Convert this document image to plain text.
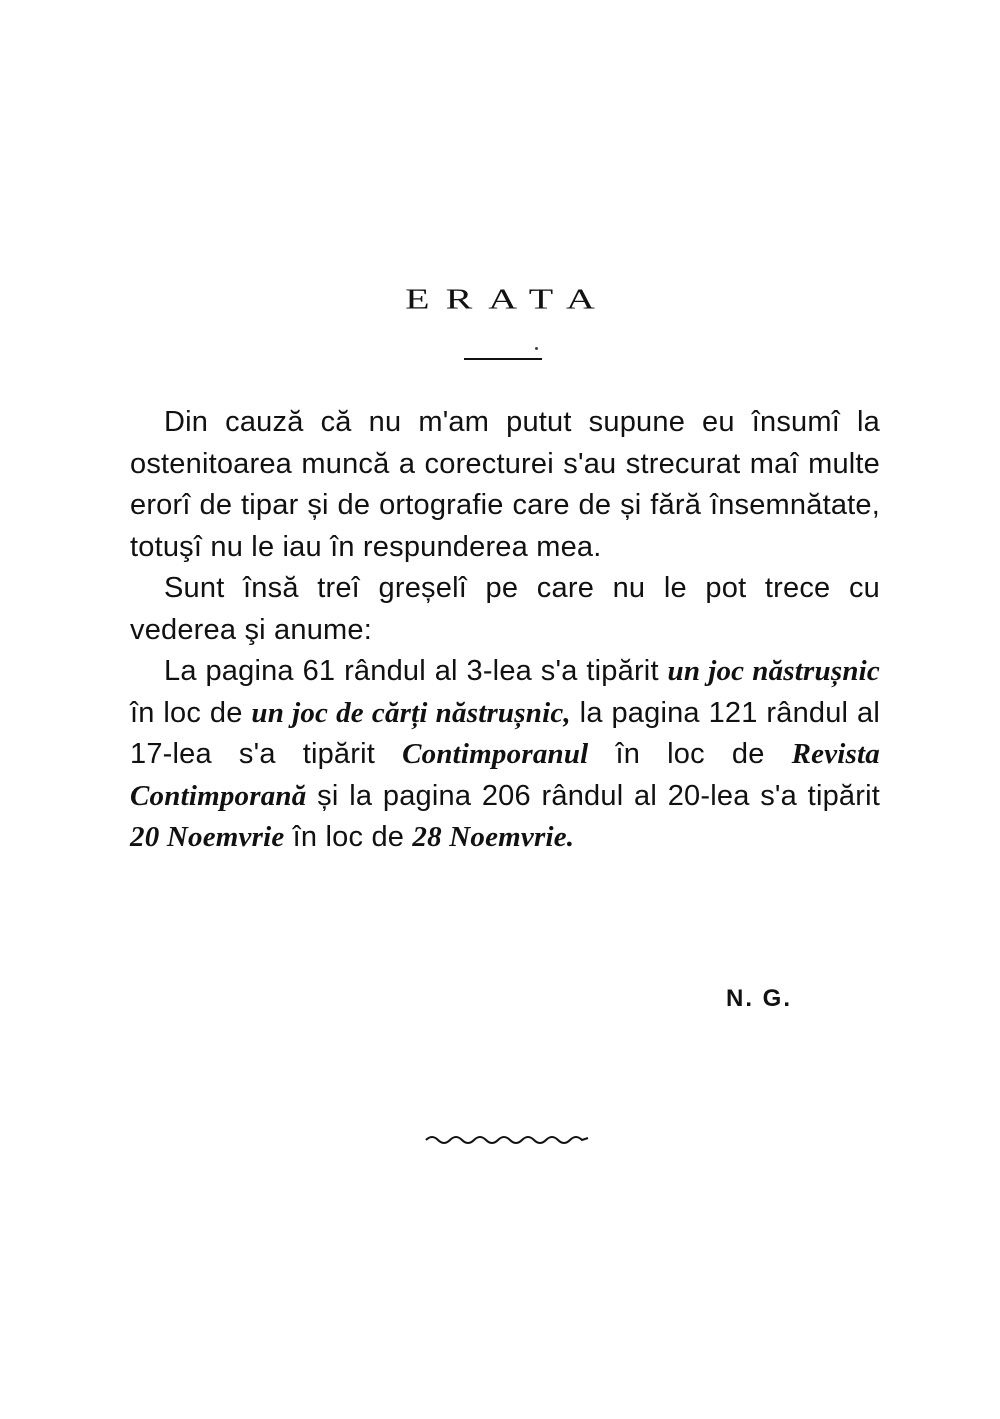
ERATA

Din cauză că nu m'am putut supune eu însumî la ostenitoarea muncă a corecturei s'au strecurat maî multe erorî de tipar și de ortografie care de și fără însemnătate, totuşî nu le iau în respunderea mea.

Sunt însă treî greșelî pe care nu le pot trece cu vederea şi anume:

La pagina 61 rândul al 3-lea s'a tipărit un joc năstrușnic în loc de un joc de cărți năstrușnic, la pagina 121 rândul al 17-lea s'a tipărit Contimporanul în loc de Revista Contimporană și la pagina 206 rândul al 20-lea s'a tipărit 20 Noemvrie în loc de 28 Noemvrie.

N. G.
